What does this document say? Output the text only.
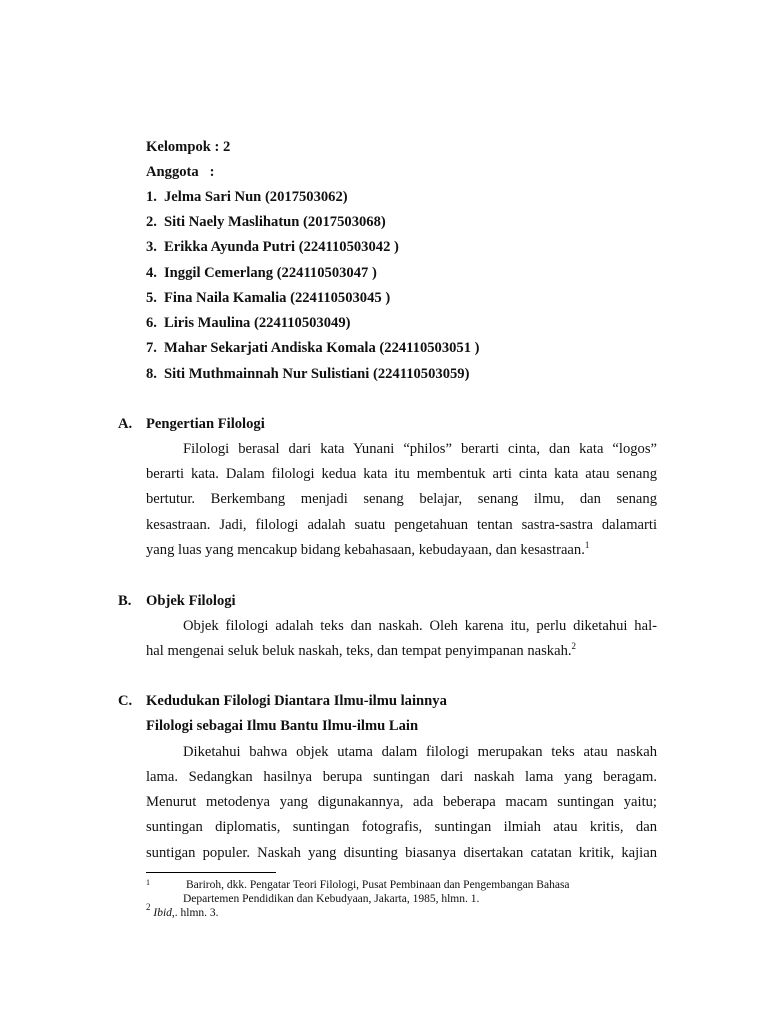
Kelompok : 2
Anggota   :
1. Jelma Sari Nun (2017503062)
2. Siti Naely Maslihatun (2017503068)
3. Erikka Ayunda Putri (224110503042 )
4. Inggil Cemerlang (224110503047 )
5. Fina Naila Kamalia (224110503045 )
6. Liris Maulina (224110503049)
7. Mahar Sekarjati Andiska Komala (224110503051 )
8. Siti Muthmainnah Nur Sulistiani (224110503059)
A. Pengertian Filologi
Filologi berasal dari kata Yunani “philos” berarti cinta, dan kata “logos”
berarti kata. Dalam filologi kedua kata itu membentuk arti cinta kata atau senang
bertutur. Berkembang menjadi senang belajar, senang ilmu, dan senang
kesastraan. Jadi, filologi adalah suatu pengetahuan tentan sastra-sastra dalamarti
yang luas yang mencakup bidang kebahasaan, kebudayaan, dan kesastraan.$^1$
B. Objek Filologi
Objek filologi adalah teks dan naskah. Oleh karena itu, perlu diketahui hal-
hal mengenai seluk beluk naskah, teks, dan tempat penyimpanan naskah.$^2$
C. Kedudukan Filologi Diantara Ilmu-ilmu lainnya
Filologi sebagai Ilmu Bantu Ilmu-ilmu Lain
Diketahui bahwa objek utama dalam filologi merupakan teks atau naskah
lama. Sedangkan hasilnya berupa suntingan dari naskah lama yang beragam.
Menurut metodenya yang digunakannya, ada beberapa macam suntingan yaitu;
suntingan diplomatis, suntingan fotografis, suntingan ilmiah atau kritis, dan
suntigan populer. Naskah yang disunting biasanya disertakan catatan kritik, kajian
1	Bariroh, dkk. Pengatar Teori Filologi, Pusat Pembinaan dan Pengembangan Bahasa
Departemen Pendidikan dan Kebudyaan, Jakarta, 1985, hlmn. 1.
$^2$ Ibid,. hlmn. 3.
